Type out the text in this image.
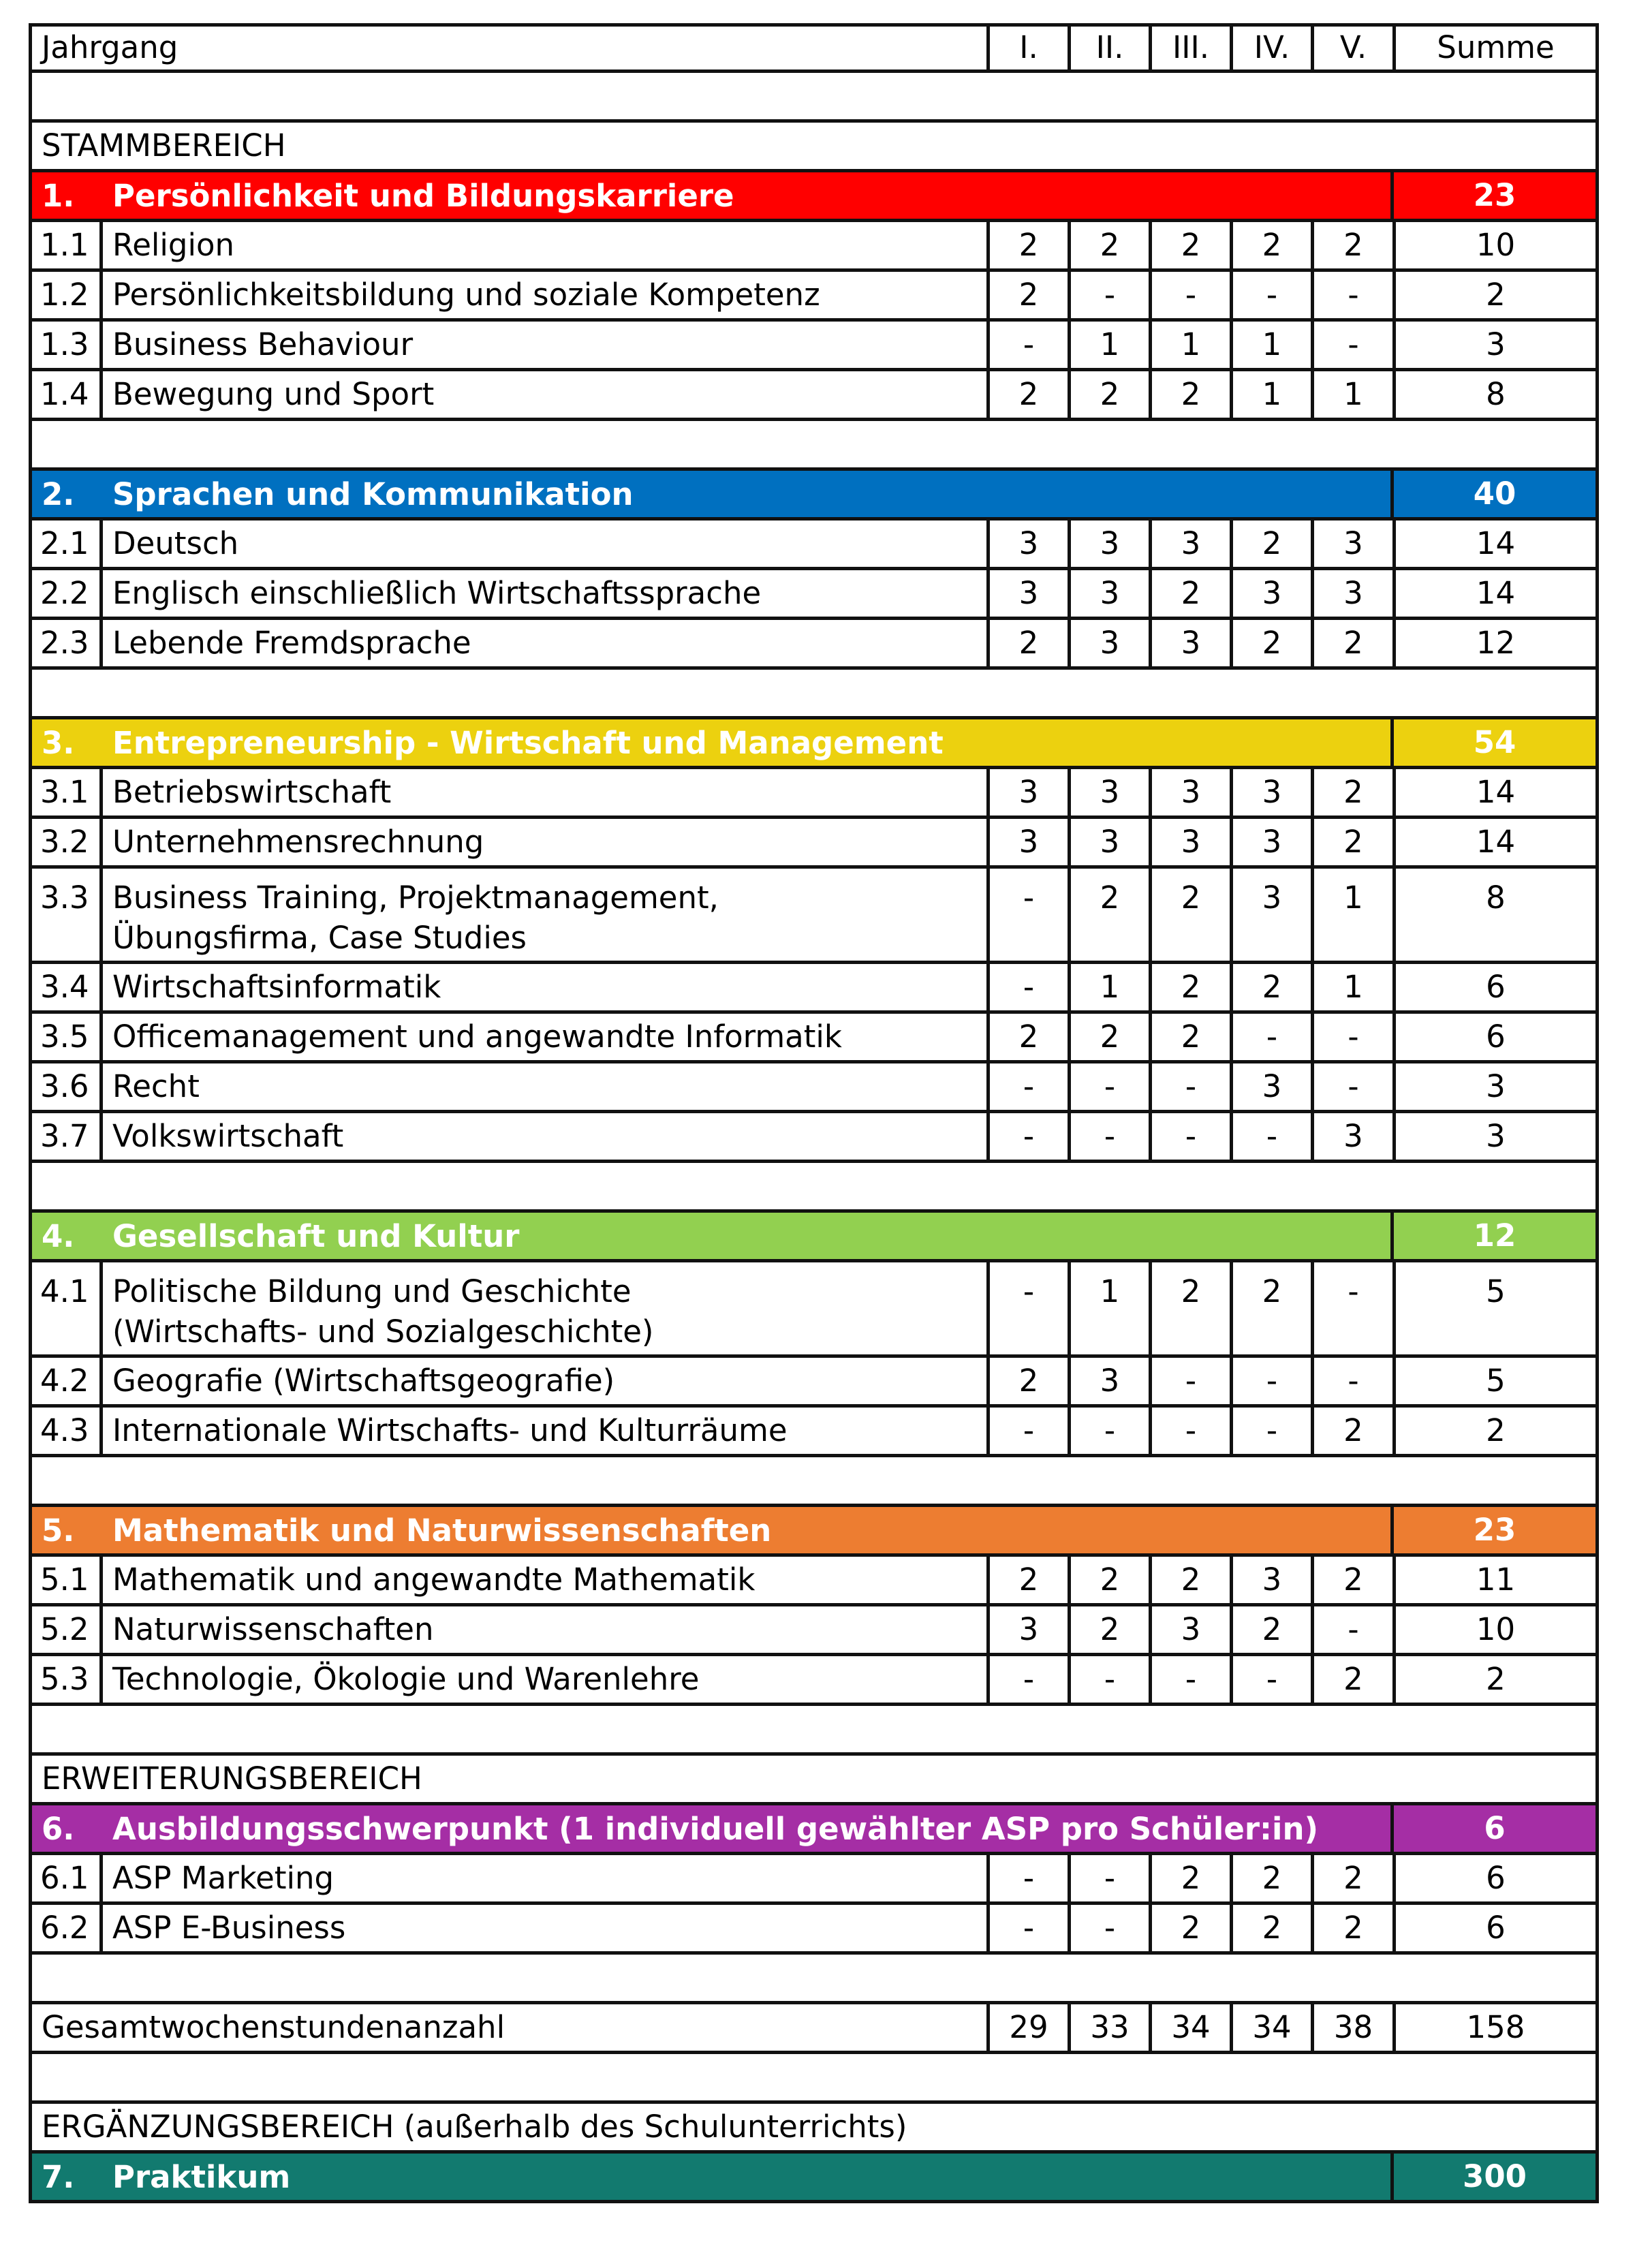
Jahrgang	I.	II.	III.	IV.	V.	Summe
STAMMBEREICH
1.	Persönlichkeit und Bildungskarriere	23
1.1 Religion	2	2	2	2	2	10
1.2 Persönlichkeitsbildung und soziale Kompetenz	2	-	-	-	-	2
1.3 Business Behaviour	-	1	1	1	-	3
1.4 Bewegung und Sport	2	2	2	1	1	8
2.	Sprachen und Kommunikation	40
2.1 Deutsch	3	3	3	2	3	14
2.2 Englisch einschließlich Wirtschaftssprache	3	3	2	3	3	14
2.3 Lebende Fremdsprache	2	3	3	2	2	12
3.	Entrepreneurship - Wirtschaft und Management	54
3.1 Betriebswirtschaft	3	3	3	3	2	14
3.2 Unternehmensrechnung	3	3	3	3	2	14
3.3 Business Training, Projektmanagement,
Übungsfirma, Case Studies
-	2	2	3	1	8
3.4 Wirtschaftsinformatik	-	1	2	2	1	6
3.5 Officemanagement und angewandte Informatik	2	2	2	-	-	6
3.6 Recht	-	-	-	3	-	3
3.7 Volkswirtschaft	-	-	-	-	3	3
4.	Gesellschaft und Kultur	12
4.1 Politische Bildung und Geschichte
(Wirtschafts- und Sozialgeschichte)
-	1	2	2	-	5
4.2 Geografie (Wirtschaftsgeografie)	2	3	-	-	-	5
4.3 Internationale Wirtschafts- und Kulturräume	-	-	-	-	2	2
5.	Mathematik und Naturwissenschaften	23
5.1 Mathematik und angewandte Mathematik	2	2	2	3	2	11
5.2 Naturwissenschaften	3	2	3	2	-	10
5.3 Technologie, Ökologie und Warenlehre	-	-	-	-	2	2
ERWEITERUNGSBEREICH
6.	Ausbildungsschwerpunkt (1 individuell gewählter ASP pro Schüler:in)	6
6.1 ASP Marketing	-	-	2	2	2	6
6.2 ASP E-Business	-	-	2	2	2	6
Gesamtwochenstundenanzahl	29	33	34	34	38	158
ERGÄNZUNGSBEREICH (außerhalb des Schulunterrichts)
7.	Praktikum	300
